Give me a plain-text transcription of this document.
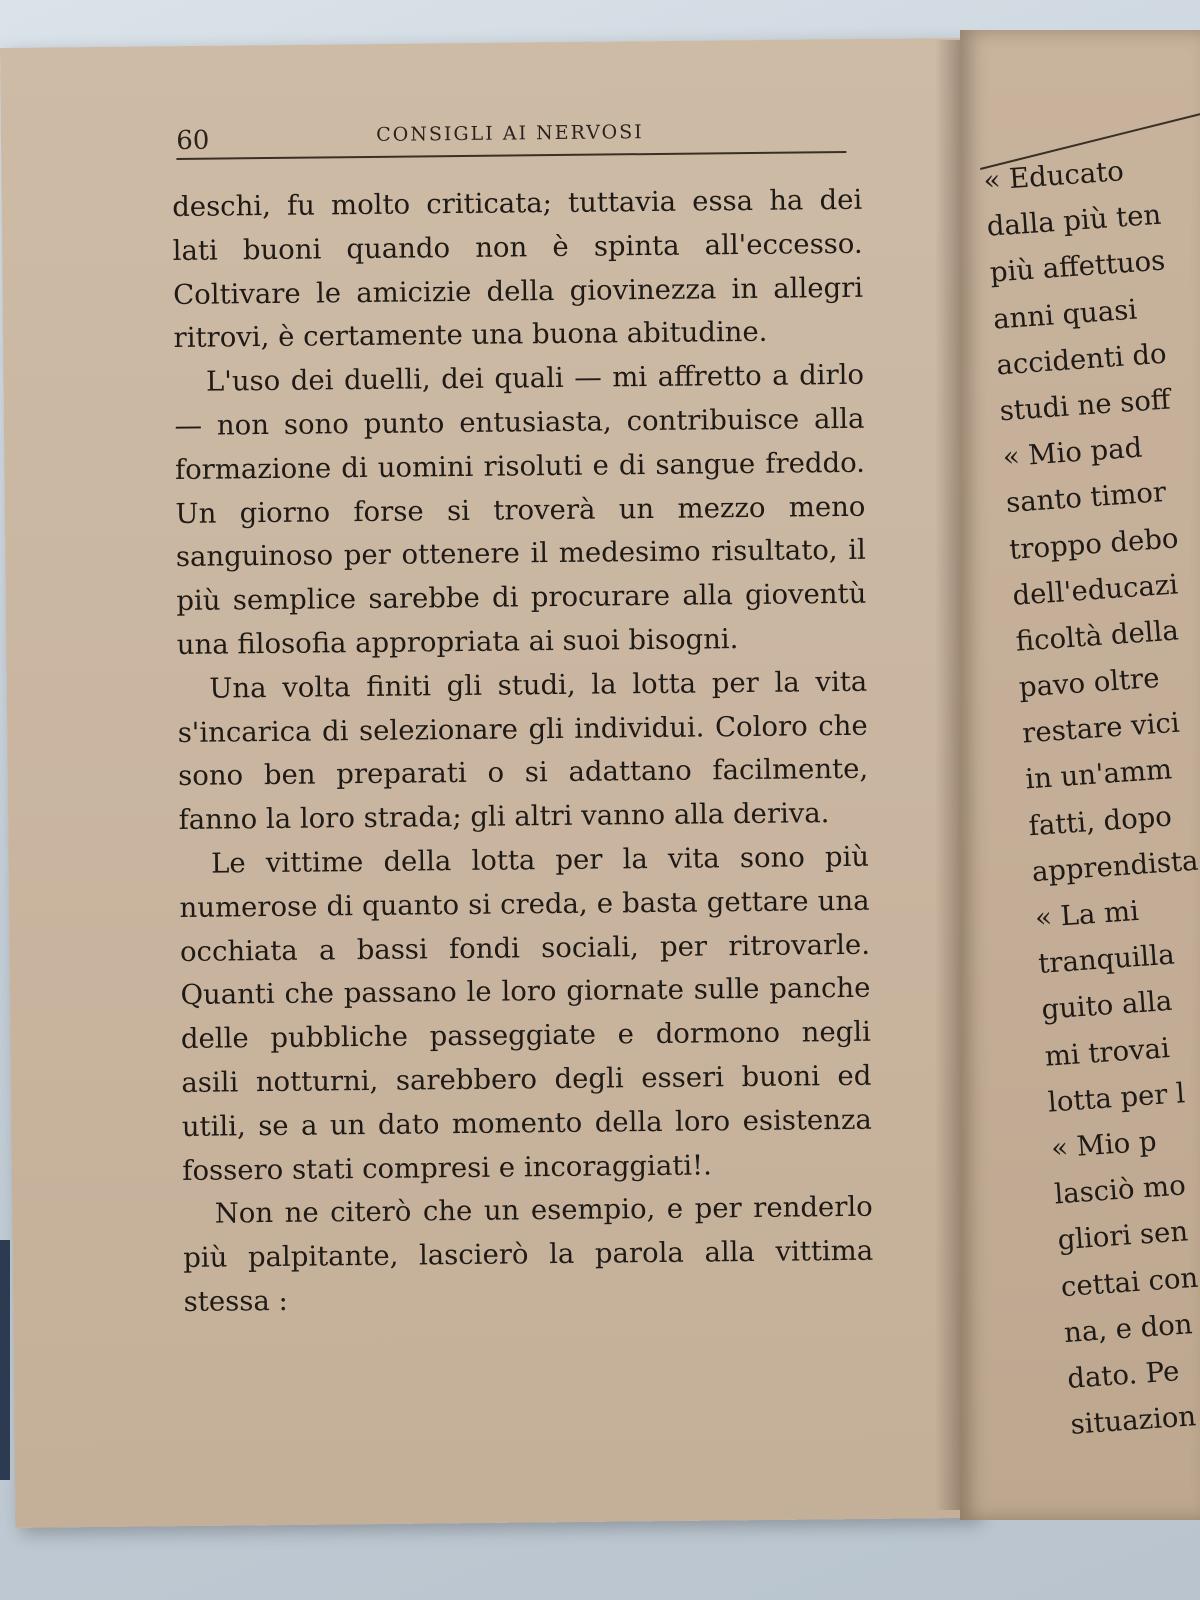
« Educato
dalla più ten
più affettuos
anni quasi
accidenti do
studi ne soff
« Mio pad
santo timor
troppo debo
dell'educazi
ficoltà della
pavo oltre
restare vici
in un'amm
fatti, dopo
apprendista
« La mi
tranquilla
guito alla
mi trovai
lotta per l
« Mio p
lasciò mo
gliori sen
cettai con
na, e don
dato. Pe
situazion
60	CONSIGLI AI NERVOSI

deschi, fu molto criticata; tuttavia essa ha dei lati buoni quando non è spinta all'eccesso. Coltivare le amicizie della giovinezza in allegri ritrovi, è certamente una buona abitudine.

L'uso dei duelli, dei quali — mi affretto a dirlo — non sono punto entusiasta, contribuisce alla formazione di uomini risoluti e di sangue freddo. Un giorno forse si troverà un mezzo meno sanguinoso per ottenere il medesimo risultato, il più semplice sarebbe di procurare alla gioventù una filosofia appropriata ai suoi bisogni.

Una volta finiti gli studi, la lotta per la vita s'incarica di selezionare gli individui. Coloro che sono ben preparati o si adattano facilmente, fanno la loro strada; gli altri vanno alla deriva.

Le vittime della lotta per la vita sono più numerose di quanto si creda, e basta gettare una occhiata a bassi fondi sociali, per ritrovarle. Quanti che passano le loro giornate sulle panche delle pubbliche passeggiate e dormono negli asili notturni, sarebbero degli esseri buoni ed utili, se a un dato momento della loro esistenza fossero stati compresi e incoraggiati!.

Non ne citerò che un esempio, e per renderlo più palpitante, lascierò la parola alla vittima stessa :
